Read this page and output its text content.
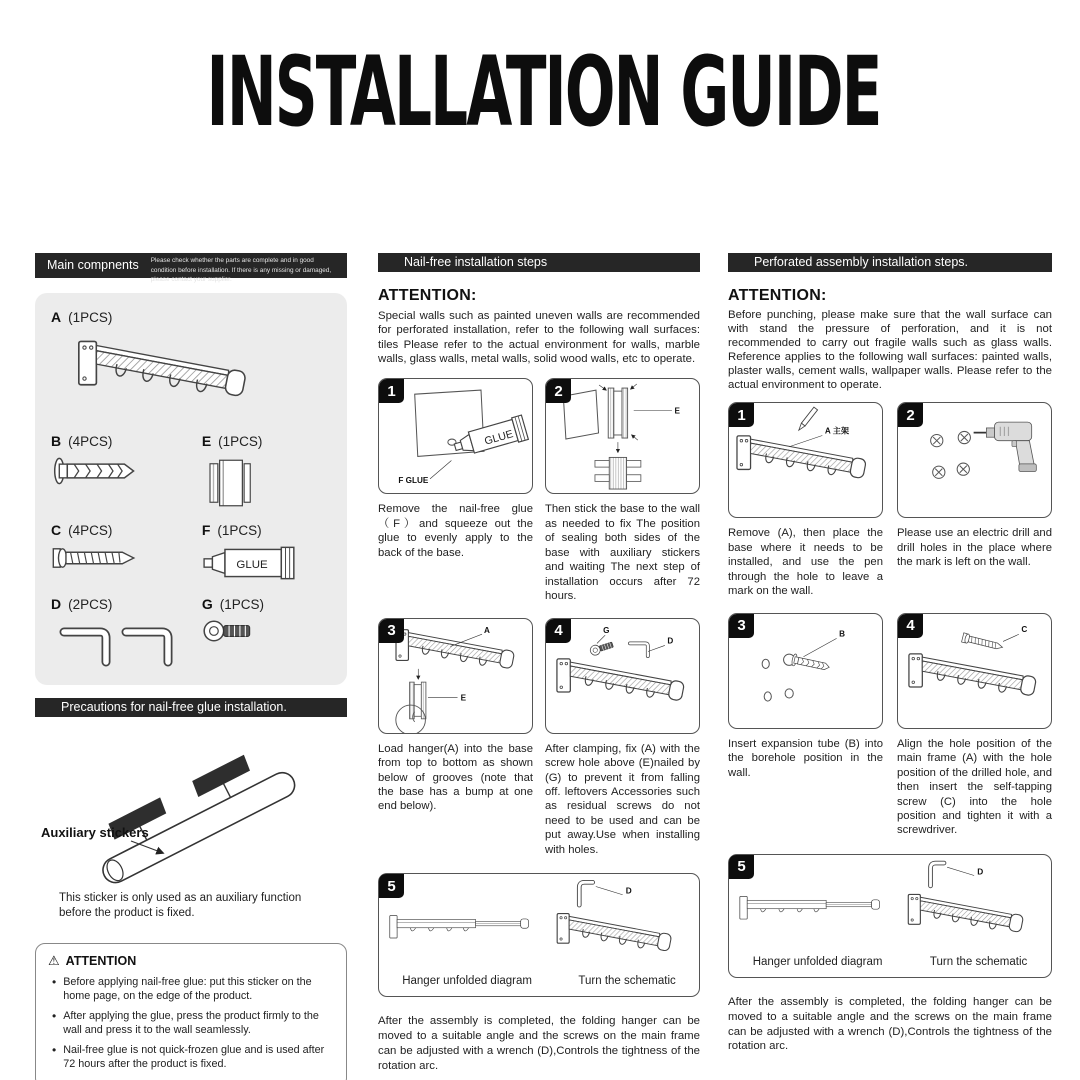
INSTALLATION GUIDE
Main compnents	Please check whether the parts are complete and in good condition before installation. If there is any missing or damaged, please contact your supplier.
A (1PCS)
B (4PCS)	E (1PCS)
C (4PCS)	F (1PCS)
GLUE
D (2PCS)	G (1PCS)
Precautions for nail-free glue installation.
Auxiliary stickers
This sticker is only used as an auxiliary function before the product is fixed.
⚠ ATTENTION
• Before applying nail-free glue: put this sticker on the home page, on the edge of the product.
• After applying the glue, press the product firmly to the wall and press it to the wall seamlessly.
• Nail-free glue is not quick-frozen glue and is used after 72 hours after the product is fixed.
Nail-free installation steps
ATTENTION:
Special walls such as painted uneven walls are recommended for perforated installation, refer to the following wall surfaces: tiles Please refer to the actual environment for walls, marble walls, glass walls, metal walls, solid wood walls, etc to operate.
1
GLUE
F GLUE
2
E
Remove the nail-free glue （F）and squeeze out the glue to evenly apply to the back of the base.
Then stick the base to the wall as needed to fix The position of sealing both sides of the base with auxiliary stickers and waiting The next step of installation occurs after 72 hours.
3	A
E
4	G
D
Load hanger(A) into the base from top to bottom as shown below of grooves (note that the base has a bump at one end below).
After clamping, fix (A) with the screw hole above (E)nailed by (G) to prevent it from falling off. leftovers Accessories such as residual screws do not need to be used and can be put away.Use when installing with holes.
5	D
Hanger unfolded diagram	Turn the schematic
After the assembly is completed, the folding hanger can be moved to a suitable angle and the screws on the main frame can be adjusted with a wrench (D),Controls the tightness of the rotation arc.
Perforated assembly installation steps.
ATTENTION:
Before punching, please make sure that the wall surface can with stand the pressure of perforation, and it is not recommended to carry out fragile walls such as glass walls. Reference applies to the following wall surfaces: painted walls, plaster walls, cement walls, wallpaper walls. Please refer to the actual environment to operate.
1
A 主架
2
Remove (A), then place the base where it needs to be installed, and use the pen through the hole to leave a mark on the wall.
Please use an electric drill and drill holes in the place where the mark is left on the wall.
3	B	4	C
Insert expansion tube (B) into the borehole position in the wall.
Align the hole position of the main frame (A) with the hole position of the drilled hole, and then insert the self-tapping screw (C) into the hole position and tighten it with a screwdriver.
5	D
Hanger unfolded diagram	Turn the schematic
After the assembly is completed, the folding hanger can be moved to a suitable angle and the screws on the main frame can be adjusted with a wrench (D),Controls the tightness of the rotation arc.
